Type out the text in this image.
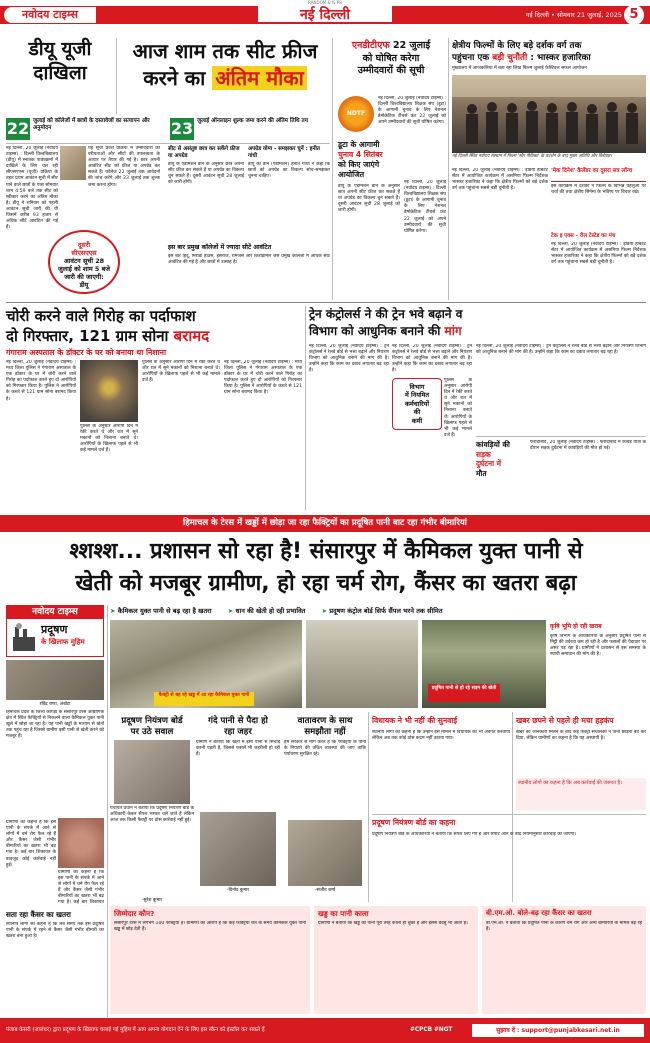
RANDOM & IS P8
नवोदय टाइम्स	नई दिल्ली	नई दिल्ली • सोमवार 21 जुलाई, 2025 5
डीयू यूजी
दाखिला
आज शाम तक सीट फ्रीज
करने का अंतिम मौका
22 जुलाई को कॉलेजों में छात्रों के दस्तावेजों का सत्यापन और अनुमोदन	23 जुलाई ऑनलाइन शुल्क जमा करने की अंतिम तिथि तय
नई दिल्ली, 20 जुलाई (नवोदय टाइम्स) : दिल्ली विश्वविद्यालय (डीयू) में स्नातक पाठ्यक्रमों में दाखिले के लिए चल रही सीएसएएस (यूजी) प्रक्रिया के तहत प्रथम आवंटन सूची में सीट पाने वाले छात्रों के पास सोमवार शाम 4:59 बजे तक सीट को स्वीकार करने का अंतिम मौका है। डीयू ने शनिवार को पहली आवंटन सूची जारी की थी जिसमें करीब 93 हजार से अधिक सीटें आवंटित की गई हैं।
यह सूची प्रवेश प्रक्रिया में उम्मीदवारों की वरीयताओं और सीटों की उपलब्धता के आधार पर तैयार की गई है। छात्र अपनी आवंटित सीट को फ्रीज या अपग्रेड कर सकते हैं। कॉलेज 22 जुलाई तक आवेदनों की जांच करेंगे और 23 जुलाई तक शुल्क जमा करना होगा।
दूसरी
सीएसएएस
आवंटन सूची 28
जुलाई को शाम 5 बजे
जारी की जाएगी:
डीयू
सीट से असंतुष्ट छात्र कर सकेंगे फ्रीज या अपग्रेड
डीयू के एडमिशन डीन के अनुसार छात्र अपनी सीट फ्रीज कर सकते हैं या अपग्रेड का विकल्प चुन सकते हैं। दूसरी आवंटन सूची 28 जुलाई को जारी होगी।
अपग्रेड योग्य - समझकर चुनें : हनीत गांधी
डीयू की डीन (एडमिशन) हनीत गांधी ने कहा कि छात्रों को अपग्रेड का विकल्प सोच-समझकर चुनना चाहिए।
इस बार प्रमुख कॉलेजों में ज्यादा सीटें आवंटित
इस बार हिंदू, मिरांडा हाउस, हंसराज, रामजस और किरोड़ीमल जैसे प्रमुख कॉलेजों में अधिक सीटें आवंटित की गई हैं और छात्रों में उत्साह है।
एनडीटीएफ 22 जुलाई
को घोषित करेगा
उम्मीदवारों की सूची
NDTF
नई दिल्ली, 20 जुलाई (नवोदय टाइम्स) : दिल्ली विश्वविद्यालय शिक्षक संघ (डूटा) के आगामी चुनाव के लिए नेशनल डेमोक्रेटिक टीचर्स फ्रंट 22 जुलाई को अपने उम्मीदवारों की सूची घोषित करेगा।
डूटा के आगामी
चुनाव 4 सितंबर
को किए जाएंगे
आयोजित
नई दिल्ली, 20 जुलाई (नवोदय टाइम्स) : दिल्ली विश्वविद्यालय शिक्षक संघ (डूटा) के आगामी चुनाव के लिए नेशनल डेमोक्रेटिक टीचर्स फ्रंट 22 जुलाई को अपने उम्मीदवारों की सूची घोषित करेगा।
डीयू के एडमिशन डीन के अनुसार छात्र अपनी सीट फ्रीज कर सकते हैं या अपग्रेड का विकल्प चुन सकते हैं। दूसरी आवंटन सूची 28 जुलाई को जारी होगी।
क्षेत्रीय फिल्मों के लिए बड़े दर्शक वर्ग तक
पहुंचना एक बड़ी चुनौती : भास्कर हजारिका
मुख्यालय में आजकलिया में बता रहा लिख फिल्म जुलाई फेस्टिवल सफल आयोजन
नई दिल्ली स्थित नवोदय संस्थान में फिल्म 'सौर पीठिका' के प्रदर्शन के बाद मुख्य अतिथि और विशेषज्ञ।
नई दिल्ली, 20 जुलाई (नवोदय टाइम्स) : इंडिया हैबिटैट सेंटर में आयोजित कार्यक्रम में असमिया फिल्म निर्देशक भास्कर हजारिका ने कहा कि क्षेत्रीय फिल्मों को बड़े दर्शक वर्ग तक पहुंचाना सबसे बड़ी चुनौती है।
'मेक दिनेश' कैलेंडर का दूसरा सत्र लॉन्च
इस कार्यक्रम में दर्शकों ने फिल्म के विभिन्न पहलुओं पर चर्चा की तथा क्षेत्रीय सिनेमा के भविष्य पर विचार रखे।
टेक इ एक्स - रील टेस्टेड का मंच
नई दिल्ली, 20 जुलाई (नवोदय टाइम्स) : इंडिया हैबिटैट सेंटर में आयोजित कार्यक्रम में असमिया फिल्म निर्देशक भास्कर हजारिका ने कहा कि क्षेत्रीय फिल्मों को बड़े दर्शक वर्ग तक पहुंचाना सबसे बड़ी चुनौती है।
चोरी करने वाले गिरोह का पर्दाफाश
दो गिरफ्तार, 121 ग्राम सोना बरामद
गंगाराम अस्पताल के डॉक्टर के घर को बनाया था निशाना
नई दिल्ली, 20 जुलाई (नवोदय टाइम्स) : मध्य जिला पुलिस ने गंगाराम अस्पताल के एक डॉक्टर के घर में चोरी करने वाले गिरोह का पर्दाफाश करते हुए दो आरोपियों को गिरफ्तार किया है। पुलिस ने आरोपियों के कब्जे से 121 ग्राम सोना बरामद किया है।
पुलिस के अनुसार आरोपी दिन में रेकी करते थे और रात में सूने मकानों को निशाना बनाते थे। आरोपियों के खिलाफ पहले से भी कई मामले दर्ज हैं।
पुलिस के अनुसार आरोपी दिन में रेकी करते थे और रात में सूने मकानों को निशाना बनाते थे। आरोपियों के खिलाफ पहले से भी कई मामले दर्ज हैं।
नई दिल्ली, 20 जुलाई (नवोदय टाइम्स) : मध्य जिला पुलिस ने गंगाराम अस्पताल के एक डॉक्टर के घर में चोरी करने वाले गिरोह का पर्दाफाश करते हुए दो आरोपियों को गिरफ्तार किया है। पुलिस ने आरोपियों के कब्जे से 121 ग्राम सोना बरामद किया है।
ट्रेन कंट्रोलर्स ने की ट्रेन भवे बढ़ाने व
विभाग को आधुनिक बनाने की मांग
नई दिल्ली, 20 जुलाई (नवोदय टाइम्स) : ट्रेन कंट्रोलर्स ने रेलवे बोर्ड से भत्ता बढ़ाने और नियंत्रण विभाग को आधुनिक बनाने की मांग की है। उन्होंने कहा कि काम का दबाव लगातार बढ़ रहा है।
विभाग
में नियमित
कर्मचारियों
की
कमी
नई दिल्ली, 20 जुलाई (नवोदय टाइम्स) : ट्रेन कंट्रोलर्स ने रेलवे बोर्ड से भत्ता बढ़ाने और नियंत्रण विभाग को आधुनिक बनाने की मांग की है। उन्होंने कहा कि काम का दबाव लगातार बढ़ रहा है।
पुलिस के अनुसार आरोपी दिन में रेकी करते थे और रात में सूने मकानों को निशाना बनाते थे। आरोपियों के खिलाफ पहले से भी कई मामले दर्ज हैं।
नई दिल्ली, 20 जुलाई (नवोदय टाइम्स) : ट्रेन कंट्रोलर्स ने रेलवे बोर्ड से भत्ता बढ़ाने और नियंत्रण विभाग को आधुनिक बनाने की मांग की है। उन्होंने कहा कि काम का दबाव लगातार बढ़ रहा है।
कांवड़ियों की
सड़क
दुर्घटना में
मौत
फरीदाबाद, 20 जुलाई (नवोदय टाइम्स) : फरीदाबाद में कांवड़ यात्रा के दौरान सड़क दुर्घटना में कांवड़ियों की मौत हो गई।
हिमाचल के टेरस में खड्डों में छोड़ा जा रहा फैक्ट्रियों का प्रदूषित पानी बाट रहा गंभीर बीमारियां
श्शश्श... प्रशासन सो रहा है! संसारपुर में कैमिकल युक्त पानी से
खेती को मजबूर ग्रामीण, हो रहा चर्म रोग, कैंसर का खतरा बढ़ा
नवोदय टाइम्स
प्रदूषण
के खिलाफ मुहिम
➤ कैमिकल युक्त पानी से बढ़ रहा है खतरा	➤ धान की खेती हो रही प्रभावित	➤ प्रदूषण कंट्रोल बोर्ड सिर्फ सैंपल भरने तक सीमित
फैक्ट्री से बह रहे खड्ड में आ रहा कैमिकल युक्त पानी
प्रदूषित पानी से हो रहे सड़न की खेती
कृषि भूमि हो रही खराब
कृषि विभाग के अधिकारियों के अनुसार प्रदूषित पानी से मिट्टी की उर्वरता कम हो रही है और फसलों की पैदावार पर असर पड़ रहा है। ग्रामीणों ने प्रशासन से इस समस्या के स्थायी समाधान की मांग की है।
रविंद्र राणा, अंबोटा
हिमाचल प्रदेश के जिला कांगड़ा के संसारपुर टेरस औद्योगिक क्षेत्र में स्थित फैक्ट्रियों से निकलने वाला कैमिकल युक्त पानी खुले में छोड़ा जा रहा है। यह पानी खड्डों के माध्यम से खेतों तक पहुंच रहा है जिससे ग्रामीण इसी पानी से खेती करने को मजबूर हैं।
ग्रामीणों का कहना है कि इस पानी के संपर्क में आने से लोगों में चर्म रोग फैल रहे हैं और कैंसर जैसी गंभीर बीमारियों का खतरा भी बढ़ गया है। कई बार शिकायत के बावजूद कोई कार्रवाई नहीं हुई।
ग्रामीणों का कहना है कि इस पानी के संपर्क में आने से लोगों में चर्म रोग फैल रहे हैं और कैंसर जैसी गंभीर बीमारियों का खतरा भी बढ़ गया है। कई बार शिकायत
सता रहा कैंसर का खतरा
स्थानीय लोगों का कहना है कि लंबे समय तक इस प्रदूषित पानी के संपर्क में रहने से कैंसर जैसी गंभीर बीमारी का खतरा बना हुआ है।
प्रदूषण नियंत्रण बोर्ड
पर उठे सवाल
पंचायत प्रधान ने बताया कि प्रदूषण नियंत्रण बोर्ड के अधिकारी केवल सैंपल भरकर चले जाते हैं लेकिन आज तक किसी फैक्ट्री पर ठोस कार्रवाई नहीं हुई।
-सुरेश कुमार
गंदे पानी से पैदा हो
रहा जहर
ग्रामीण ने बताया कि खेतों में इसी पानी से सिंचाई करनी पड़ती है, जिससे फसलें भी जहरीली हो रही हैं।
-विनोद कुमार
वातावरण के साथ
समझौता नहीं
हम सरकार से मांग करते हैं कि फैक्ट्रियों के पानी के निपटारे की उचित व्यवस्था की जाए ताकि पर्यावरण सुरक्षित रहे।
-संजीव शर्मा
विधायक ने भी नहीं की सुनवाई
स्थानीय लोगों का कहना है कि उन्होंने इस मामले में विधायक को भी अवगत करवाया लेकिन अब तक कोई ठोस कदम नहीं उठाया गया।
खबर छपने से पहले ही मचा हड़कंप
खबर की जानकारी मिलने के बाद कई फैक्ट्री संचालकों ने पानी छोड़ना बंद कर दिया, लेकिन ग्रामीणों का कहना है कि यह अस्थायी है।
स्थानीय लोगों का कहना है कि अब कार्रवाई की जरूरत है।
प्रदूषण नियंत्रण बोर्ड का कहना
प्रदूषण नियंत्रण बोर्ड के अधिकारियों ने बताया कि सैंपल लिए गए हैं और रिपोर्ट आने के बाद नियमानुसार कार्रवाई की जाएगी।
जिम्मेदार कौन?
संसारपुर टेरस में लगभग 100 फैक्ट्रियां हैं। ग्रामीणों का आरोप है कि कई फैक्ट्रियां रात के समय केमिकल युक्त पानी खड्ड में छोड़ देती हैं।
खड्ड का पानी काला
ग्रामीणों ने बताया कि खड्ड का पानी पूरी तरह काला हो चुका है और इससे बदबू भी आती है।
बी.एम.ओ. बोले-बढ़ रहा कैंसर का खतरा
बी.एम.ओ. ने बताया कि प्रदूषित पानी के कारण चर्म रोग और अन्य बीमारियों के मामले बढ़ रहे हैं।
पंजाब केसरी (जालंधर) द्वारा प्रदूषण के खिलाफ चलाई गई मुहिम में आप अपना योगदान देने के लिए इस स्कैन को इंस्टॉल कर सकते हैं	#CPCB #NGT	सुझाव दें : support@punjabkesari.net.in
